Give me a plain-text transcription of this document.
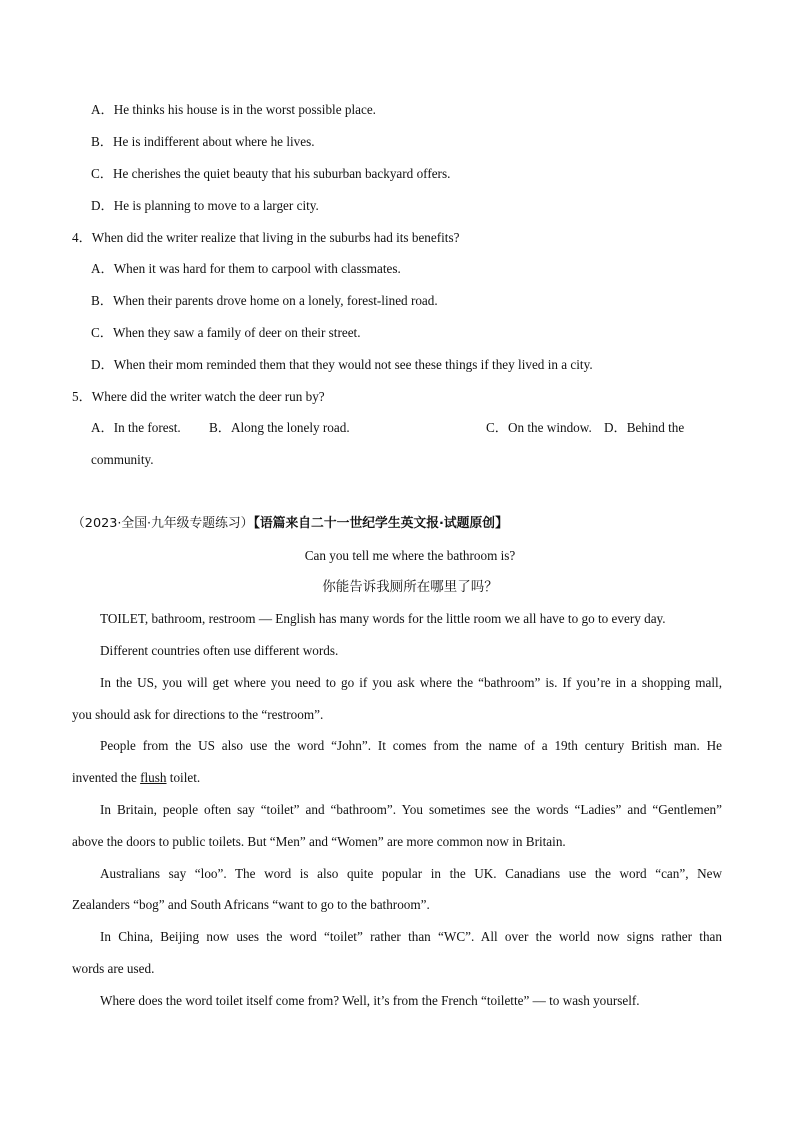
A．He thinks his house is in the worst possible place.
B．He is indifferent about where he lives.
C．He cherishes the quiet beauty that his suburban backyard offers.
D．He is planning to move to a larger city.
4．When did the writer realize that living in the suburbs had its benefits?
A．When it was hard for them to carpool with classmates.
B．When their parents drove home on a lonely, forest-lined road.
C．When they saw a family of deer on their street.
D．When their mom reminded them that they would not see these things if they lived in a city.
5．Where did the writer watch the deer run by?
A．In the forest. B．Along the lonely road.	C．On the window. D．Behind the
community.
（2023·全国·九年级专题练习）【语篇来自二十一世纪学生英文报·试题原创】
Can you tell me where the bathroom is?
你能告诉我厕所在哪里了吗？
TOILET, bathroom, restroom — English has many words for the little room we all have to go to every day.
Different countries often use different words.
In the US, you will get where you need to go if you ask where the “bathroom” is. If you’re in a shopping mall,
you should ask for directions to the “restroom”.
People from the US also use the word “John”. It comes from the name of a 19th century British man. He
invented the flush toilet.
In Britain, people often say “toilet” and “bathroom”. You sometimes see the words “Ladies” and “Gentlemen”
above the doors to public toilets. But “Men” and “Women” are more common now in Britain.
Australians say “loo”. The word is also quite popular in the UK. Canadians use the word “can”, New
Zealanders “bog” and South Africans “want to go to the bathroom”.
In China, Beijing now uses the word “toilet” rather than “WC”. All over the world now signs rather than
words are used.
Where does the word toilet itself come from? Well, it’s from the French “toilette” — to wash yourself.
